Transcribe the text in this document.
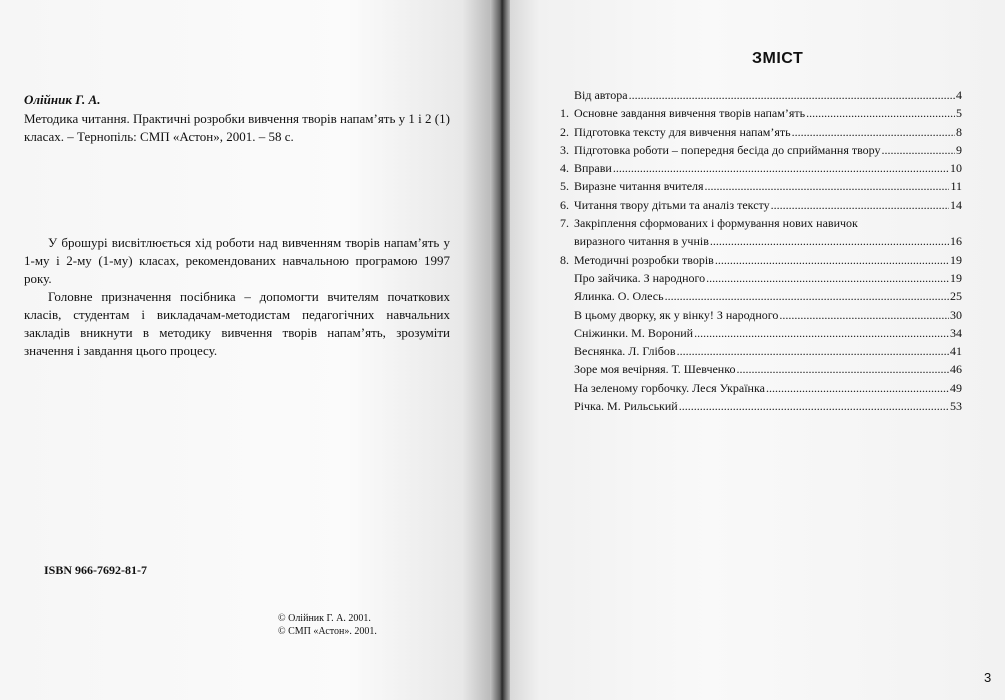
Олійник Г. А.
Методика читання. Практичні розробки вивчення творів напам’ять у 1 і 2 (1) класах. – Тернопіль: СМП «Астон», 2001. – 58 с.

У брошурі висвітлюється хід роботи над вивченням творів напам’ять у 1-му і 2-му (1-му) класах, рекомендованих навчальною програмою 1997 року.

Головне призначення посібника – допомогти вчителям початкових класів, студентам і викладачам-методистам педагогічних навчальних закладів вникнути в методику вивчення творів напам’ять, зрозуміти значення і завдання цього процесу.

ISBN 966-7692-81-7
© Олійник Г. А. 2001.
© СМП «Астон». 2001.
ЗМІСТ
Від автора .....	4
1. Основне завдання вивчення творів напам’ять .....	5
2. Підготовка тексту для вивчення напам’ять .....	8
3. Підготовка роботи – попередня бесіда до сприймання твору .....	9
4. Вправи .....	10
5. Виразне читання вчителя .....	11
6. Читання твору дітьми та аналіз тексту .....	14
7. Закріплення сформованих і формування нових навичок
виразного читання в учнів .....	16
8. Методичні розробки творів .....	19
Про зайчика. З народного .....	19
Ялинка. О. Олесь .....	25
В цьому дворку, як у вінку! З народного .....	30
Сніжинки. М. Вороний .....	34
Веснянка. Л. Глібов .....	41
Зоре моя вечірняя. Т. Шевченко .....	46
На зеленому горбочку. Леся Українка .....	49
Річка. М. Рильський .....	53
3
